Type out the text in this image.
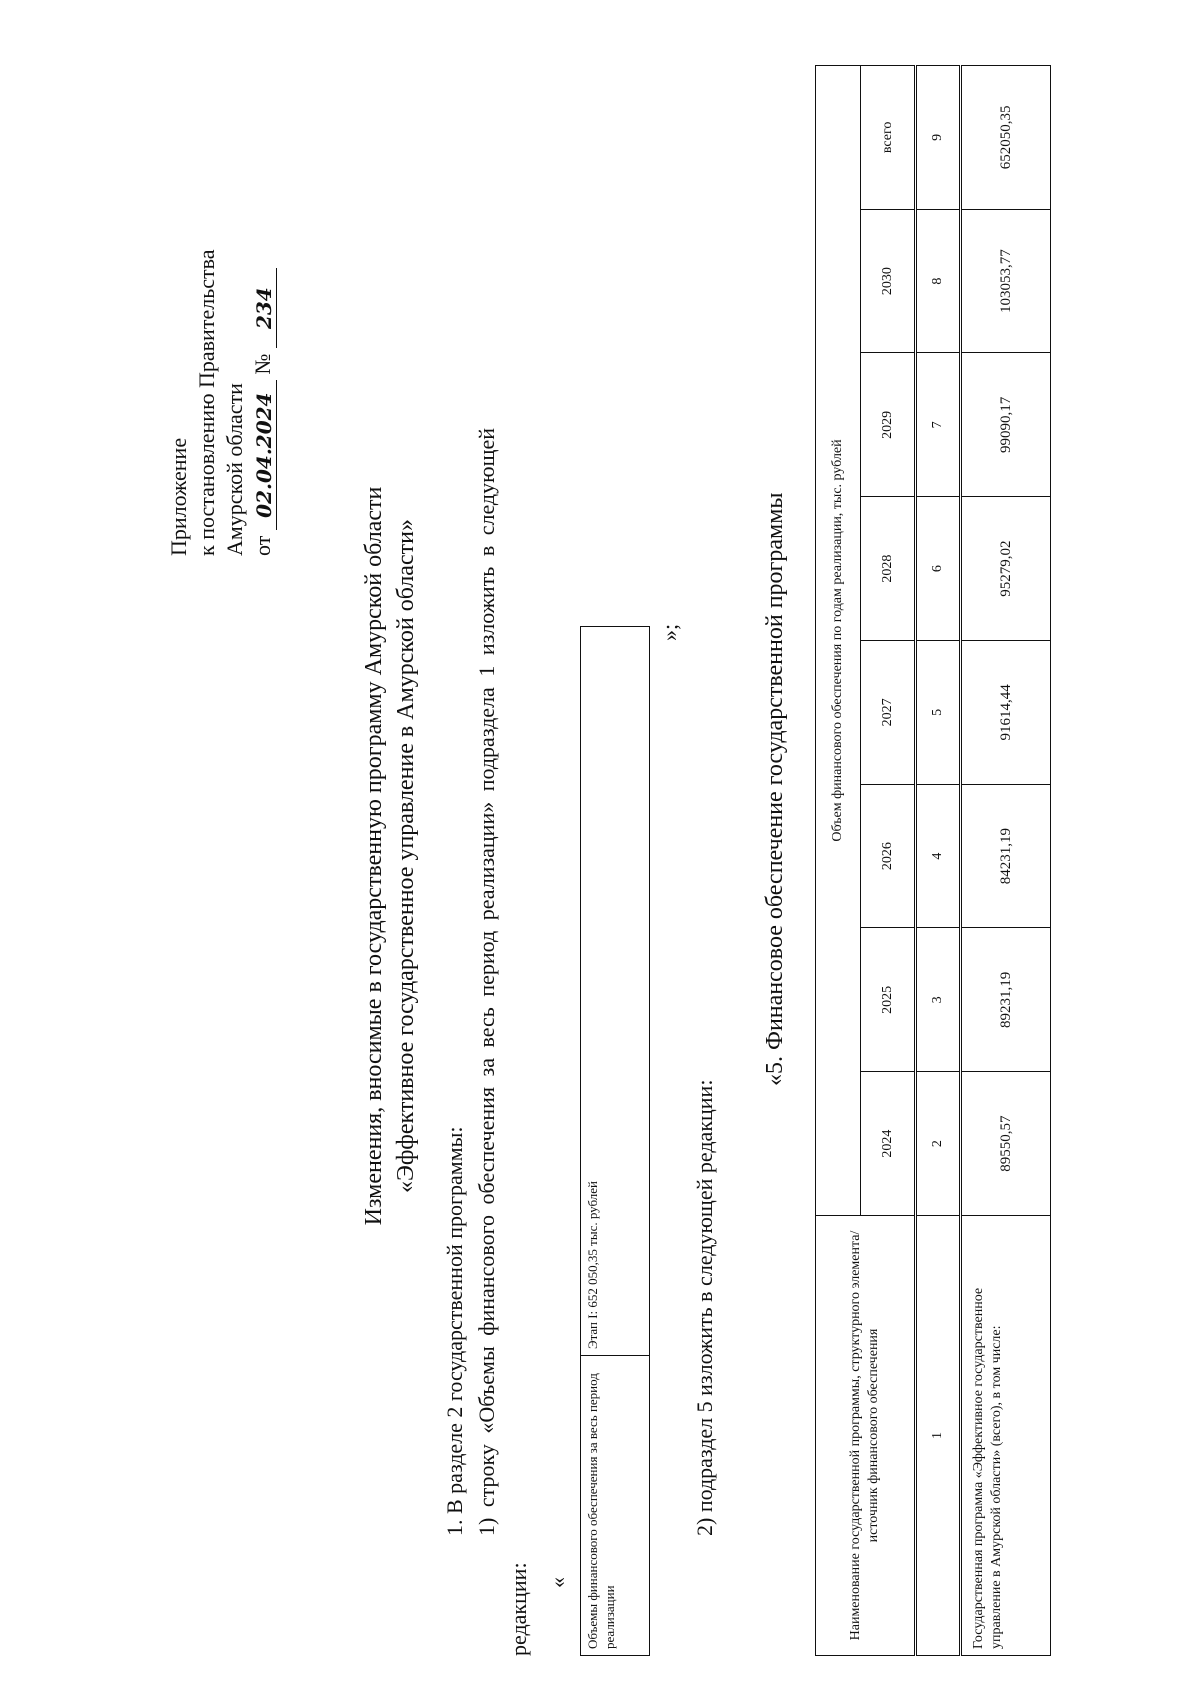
Приложение к постановлению Правительства Амурской области от 02.04.2024 № 234
Изменения, вносимые в государственную программу Амурской области «Эффективное государственное управление в Амурской области»
1. В разделе 2 государственной программы: 1) строку «Объемы финансового обеспечения за весь период реализации» подраздела 1 изложить в следующей
редакции: « Объемы финансового обеспечения за весь период реализации	Этап I: 652 050,35 тыс. рублей
»;
2) подраздел 5 изложить в следующей редакции:
«5. Финансовое обеспечение государственной программы
Наименование государственной программы, структурного элемента/источник финансового обеспечения	Объем финансового обеспечения по годам реализации, тыс. рублей							
	2024	2025	2026	2027	2028	2029	2030	всего
1	2	3	4	5	6	7	8	9
Государственная программа «Эффективное государственное управление в Амурской области» (всего), в том числе:	89550,57	89231,19	84231,19	91614,44	95279,02	99090,17	103053,77	652050,35
